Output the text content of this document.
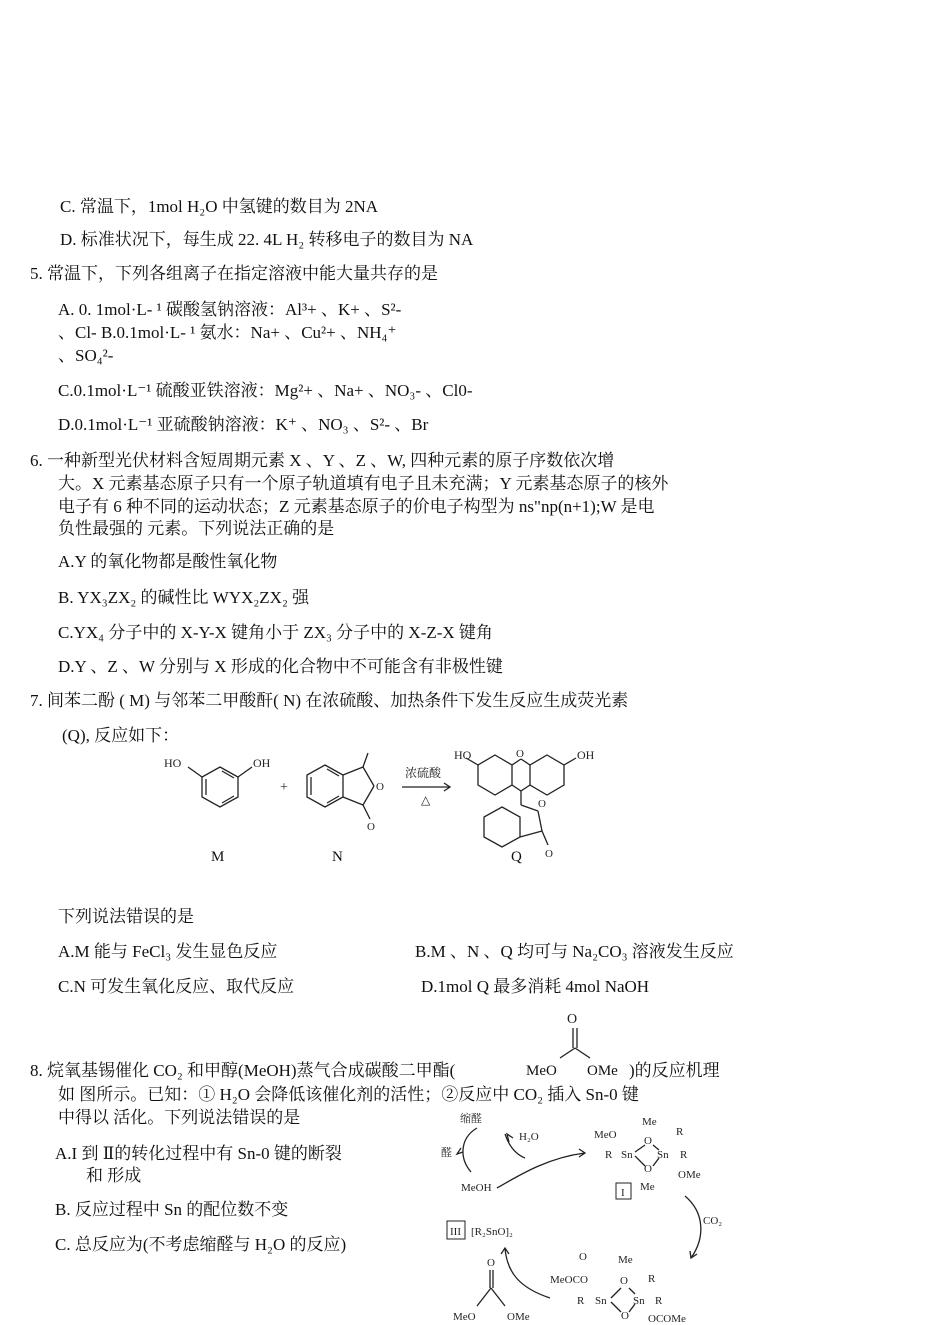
C. 常温下，1mol H₂O 中氢键的数目为 2NA
D. 标准状况下，每生成 22. 4L H₂ 转移电子的数目为 NA
5. 常温下，下列各组离子在指定溶液中能大量共存的是
A. 0. 1mol·L- ¹ 碳酸氢钠溶液：Al³+ 、K+ 、S²-
、Cl- B.0.1mol·L- ¹ 氨水：Na+ 、Cu²+ 、NH₄⁺
、SO₄²-
C.0.1mol·L⁻¹ 硫酸亚铁溶液：Mg²+ 、Na+ 、NO₃- 、Cl0-
D.0.1mol·L⁻¹ 亚硫酸钠溶液：K⁺ 、NO₃ 、S²- 、Br
6. 一种新型光伏材料含短周期元素 X 、Y 、Z 、W, 四种元素的原子序数依次增
大。X 元素基态原子只有一个原子轨道填有电子且未充满；Y 元素基态原子的核外
电子有 6 种不同的运动状态；Z 元素基态原子的价电子构型为 ns"np(n+1);W 是电
负性最强的 元素。下列说法正确的是
A.Y 的氧化物都是酸性氧化物
B. YX₃ZX₂ 的碱性比 WYX₂ZX₂ 强
C.YX₄ 分子中的 X-Y-X 键角小于 ZX₃ 分子中的 X-Z-X 键角
D.Y 、Z 、W 分别与 X 形成的化合物中不可能含有非极性键
7. 间苯二酚 ( M) 与邻苯二甲酸酐( N) 在浓硫酸、加热条件下发生反应生成荧光素
(Q), 反应如下：
HO	OH
+	O
O
浓硫酸
△
O
HO	OH
O
O
M	N	Q
下列说法错误的是
A.M 能与 FeCl₃ 发生显色反应	B.M 、N 、Q 均可与 Na₂CO₃ 溶液发生反应
C.N 可发生氧化反应、取代反应	D.1mol Q 最多消耗 4mol NaOH
O
8. 烷氧基锡催化 CO₂ 和甲醇(MeOH)蒸气合成碳酸二甲酯(	MeO OMe )的反应机理
如 图所示。已知：① H₂O 会降低该催化剂的活性；②反应中 CO₂ 插入 Sn-0 键
中得以 活化。下列说法错误的是
A.I 到 Ⅱ的转化过程中有 Sn-0 键的断裂
和 形成
B. 反应过程中 Sn 的配位数不变
C. 总反应为(不考虑缩醛与 H₂O 的反应)
缩醛
醛
H₂O
MeOH
Me
MeO	R
O
R Sn Sn R
O OMe
Me
I
CO₂
III [R₂SnO]₂
O	Me
MeOCO	R
O
R Sn Sn R
O OCOMe
O
MeO	OMe
